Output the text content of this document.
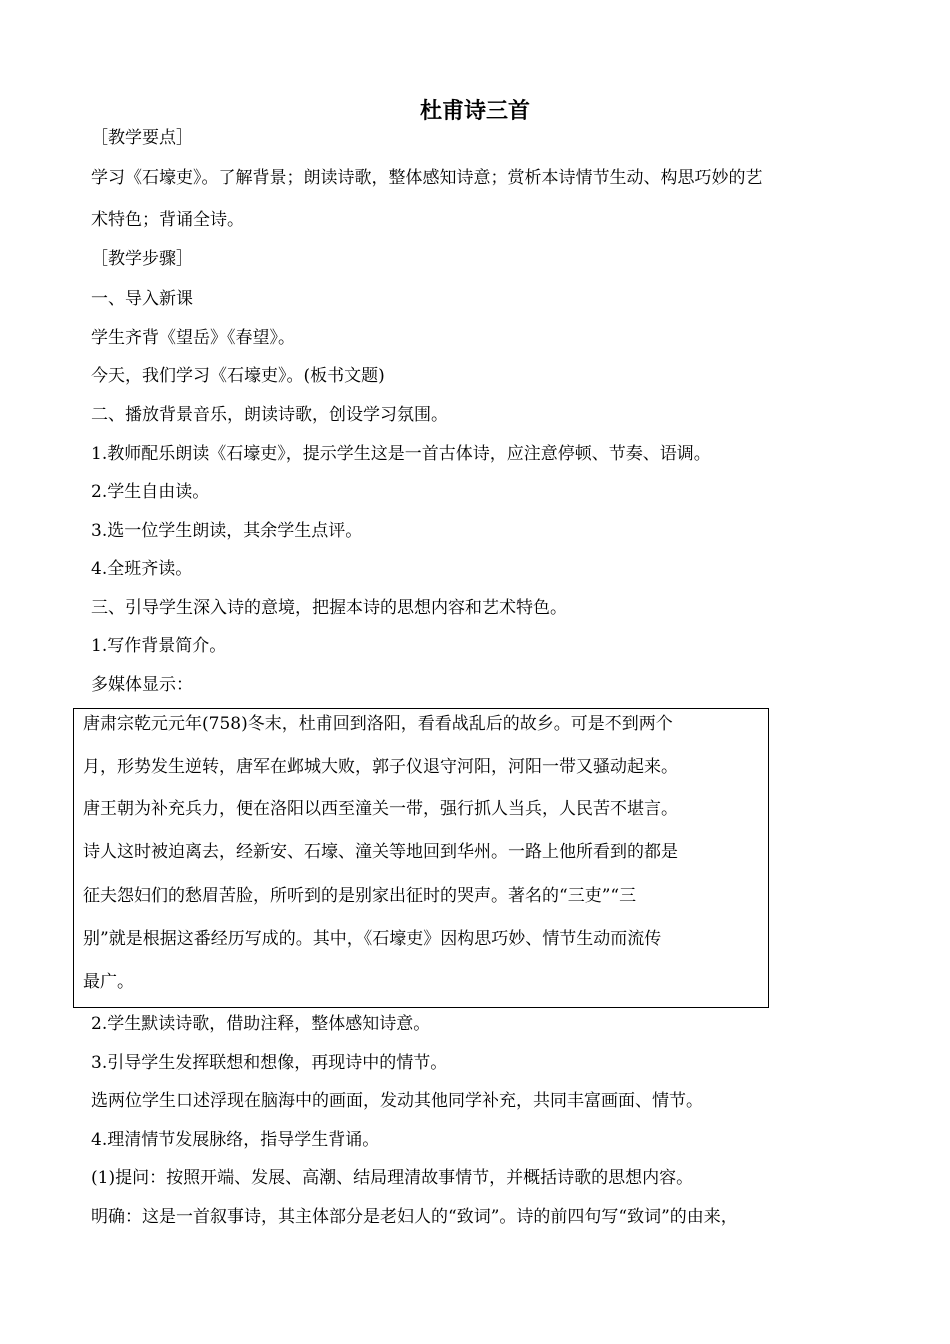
杜甫诗三首

［教学要点］

学习《石壕吏》。了解背景；朗读诗歌，整体感知诗意；赏析本诗情节生动、构思巧妙的艺

术特色；背诵全诗。

［教学步骤］

一、导入新课

学生齐背《望岳》《春望》。

今天，我们学习《石壕吏》。(板书文题)

二、播放背景音乐，朗读诗歌，创设学习氛围。

1.教师配乐朗读《石壕吏》，提示学生这是一首古体诗，应注意停顿、节奏、语调。

2.学生自由读。

3.选一位学生朗读，其余学生点评。

4.全班齐读。

三、引导学生深入诗的意境，把握本诗的思想内容和艺术特色。

1.写作背景简介。

多媒体显示：

唐肃宗乾元元年(758)冬末，杜甫回到洛阳，看看战乱后的故乡。可是不到两个
月，形势发生逆转，唐军在邺城大败，郭子仪退守河阳，河阳一带又骚动起来。
唐王朝为补充兵力，便在洛阳以西至潼关一带，强行抓人当兵，人民苦不堪言。
诗人这时被迫离去，经新安、石壕、潼关等地回到华州。一路上他所看到的都是
征夫怨妇们的愁眉苦脸，所听到的是别家出征时的哭声。著名的“三吏”“三
别”就是根据这番经历写成的。其中，《石壕吏》因构思巧妙、情节生动而流传
最广。

2.学生默读诗歌，借助注释，整体感知诗意。

3.引导学生发挥联想和想像，再现诗中的情节。

选两位学生口述浮现在脑海中的画面，发动其他同学补充，共同丰富画面、情节。

4.理清情节发展脉络，指导学生背诵。

(1)提问：按照开端、发展、高潮、结局理清故事情节，并概括诗歌的思想内容。

明确：这是一首叙事诗，其主体部分是老妇人的“致词”。诗的前四句写“致词”的由来，
